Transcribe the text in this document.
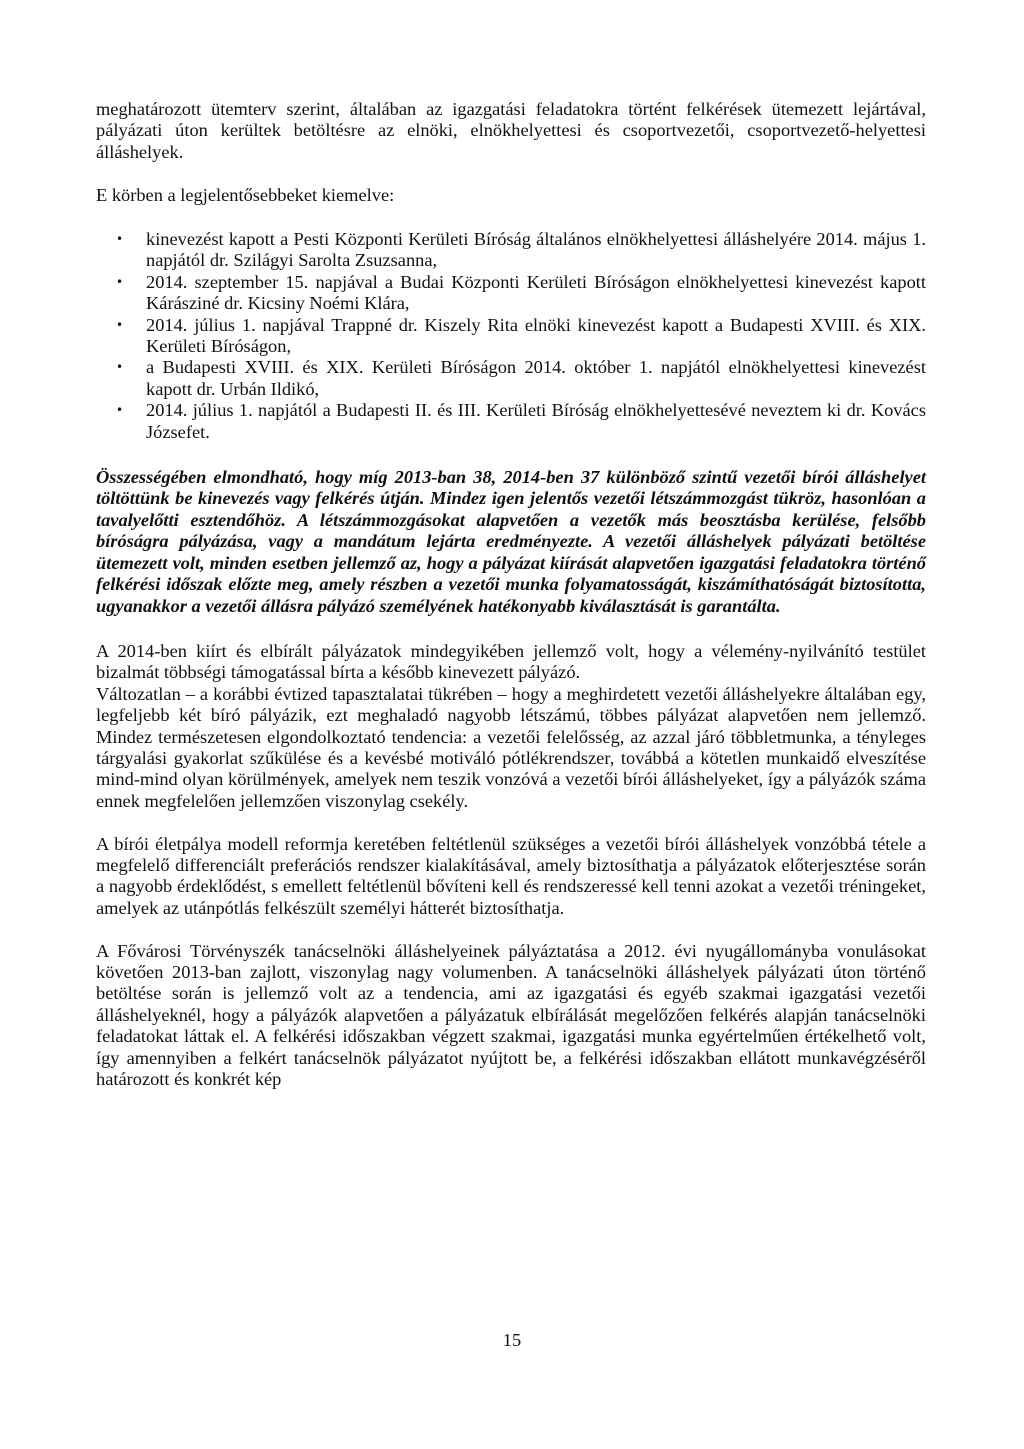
meghatározott ütemterv szerint, általában az igazgatási feladatokra történt felkérések ütemezett lejártával, pályázati úton kerültek betöltésre az elnöki, elnökhelyettesi és csoportvezetői, csoportvezető-helyettesi álláshelyek.

E körben a legjelentősebbeket kiemelve:

• kinevezést kapott a Pesti Központi Kerületi Bíróság általános elnökhelyettesi álláshelyére 2014. május 1. napjától dr. Szilágyi Sarolta Zsuzsanna,
• 2014. szeptember 15. napjával a Budai Központi Kerületi Bíróságon elnökhelyettesi kinevezést kapott Kárásziné dr. Kicsiny Noémi Klára,
• 2014. július 1. napjával Trappné dr. Kiszely Rita elnöki kinevezést kapott a Budapesti XVIII. és XIX. Kerületi Bíróságon,
• a Budapesti XVIII. és XIX. Kerületi Bíróságon 2014. október 1. napjától elnökhelyettesi kinevezést kapott dr. Urbán Ildikó,
• 2014. július 1. napjától a Budapesti II. és III. Kerületi Bíróság elnökhelyettesévé neveztem ki dr. Kovács Józsefet.

Összességében elmondható, hogy míg 2013-ban 38, 2014-ben 37 különböző szintű vezetői bírói álláshelyet töltöttünk be kinevezés vagy felkérés útján. Mindez igen jelentős vezetői létszámmozgást tükröz, hasonlóan a tavalyelőtti esztendőhöz. A létszámmozgásokat alapvetően a vezetők más beosztásba kerülése, felsőbb bíróságra pályázása, vagy a mandátum lejárta eredményezte. A vezetői álláshelyek pályázati betöltése ütemezett volt, minden esetben jellemző az, hogy a pályázat kiírását alapvetően igazgatási feladatokra történő felkérési időszak előzte meg, amely részben a vezetői munka folyamatosságát, kiszámíthatóságát biztosította, ugyanakkor a vezetői állásra pályázó személyének hatékonyabb kiválasztását is garantálta.

A 2014-ben kiírt és elbírált pályázatok mindegyikében jellemző volt, hogy a vélemény-nyilvánító testület bizalmát többségi támogatással bírta a később kinevezett pályázó.

Változatlan – a korábbi évtized tapasztalatai tükrében – hogy a meghirdetett vezetői álláshelyekre általában egy, legfeljebb két bíró pályázik, ezt meghaladó nagyobb létszámú, többes pályázat alapvetően nem jellemző. Mindez természetesen elgondolkoztató tendencia: a vezetői felelősség, az azzal járó többletmunka, a tényleges tárgyalási gyakorlat szűkülése és a kevésbé motiváló pótlékrendszer, továbbá a kötetlen munkaidő elveszítése mind-mind olyan körülmények, amelyek nem teszik vonzóvá a vezetői bírói álláshelyeket, így a pályázók száma ennek megfelelően jellemzően viszonylag csekély.

A bírói életpálya modell reformja keretében feltétlenül szükséges a vezetői bírói álláshelyek vonzóbbá tétele a megfelelő differenciált preferációs rendszer kialakításával, amely biztosíthatja a pályázatok előterjesztése során a nagyobb érdeklődést, s emellett feltétlenül bővíteni kell és rendszeressé kell tenni azokat a vezetői tréningeket, amelyek az utánpótlás felkészült személyi hátterét biztosíthatja.

A Fővárosi Törvényszék tanácselnöki álláshelyeinek pályáztatása a 2012. évi nyugállományba vonulásokat követően 2013-ban zajlott, viszonylag nagy volumenben. A tanácselnöki álláshelyek pályázati úton történő betöltése során is jellemző volt az a tendencia, ami az igazgatási és egyéb szakmai igazgatási vezetői álláshelyeknél, hogy a pályázók alapvetően a pályázatuk elbírálását megelőzően felkérés alapján tanácselnöki feladatokat láttak el. A felkérési időszakban végzett szakmai, igazgatási munka egyértelműen értékelhető volt, így amennyiben a felkért tanácselnök pályázatot nyújtott be, a felkérési időszakban ellátott munkavégzéséről határozott és konkrét kép

15
